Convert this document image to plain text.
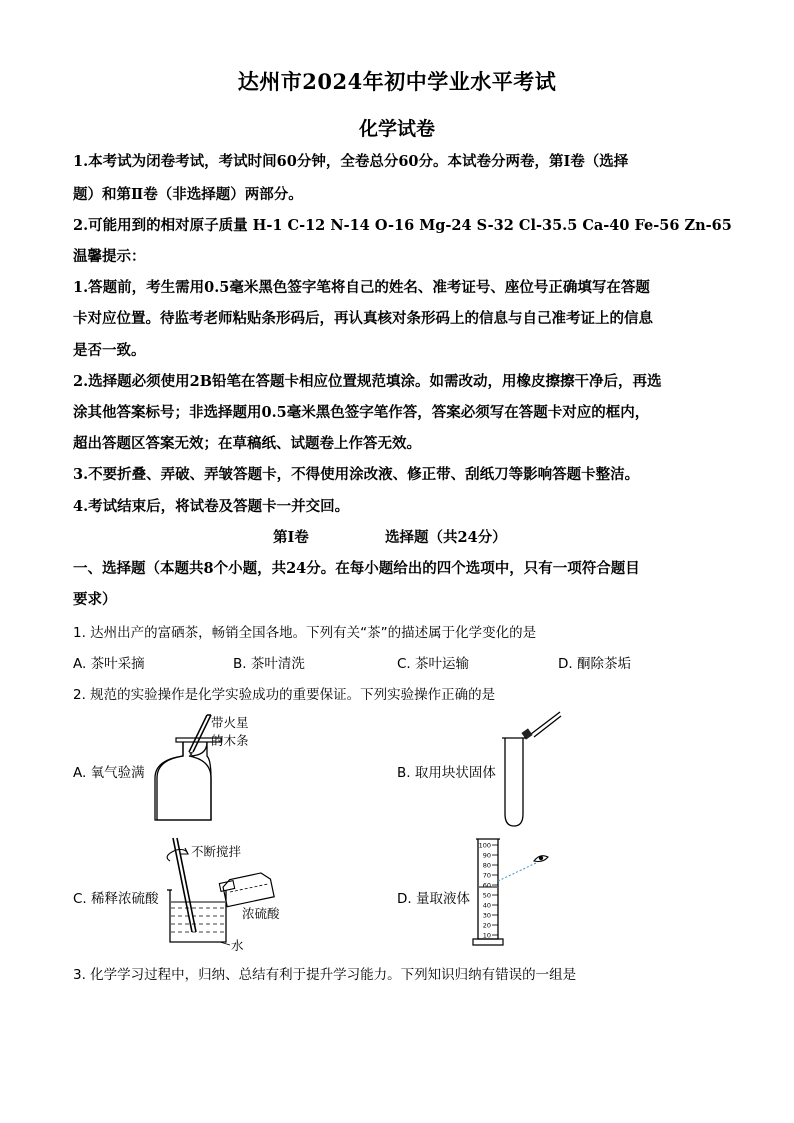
达州市2024年初中学业水平考试
化学试卷
1.本考试为闭卷考试，考试时间60分钟，全卷总分60分。本试卷分两卷，第Ⅰ卷（选择
题）和第Ⅱ卷（非选择题）两部分。
2.可能用到的相对原子质量 H-1 C-12 N-14 O-16 Mg-24 S-32 Cl-35.5 Ca-40 Fe-56 Zn-65
温馨提示：
1.答题前，考生需用0.5毫米黑色签字笔将自己的姓名、准考证号、座位号正确填写在答题
卡对应位置。待监考老师粘贴条形码后，再认真核对条形码上的信息与自己准考证上的信息
是否一致。
2.选择题必须使用2B铅笔在答题卡相应位置规范填涂。如需改动，用橡皮擦擦干净后，再选
涂其他答案标号；非选择题用0.5毫米黑色签字笔作答，答案必须写在答题卡对应的框内，
超出答题区答案无效；在草稿纸、试题卷上作答无效。
3.不要折叠、弄破、弄皱答题卡，不得使用涂改液、修正带、刮纸刀等影响答题卡整洁。
4.考试结束后，将试卷及答题卡一并交回。
第Ⅰ卷	选择题（共24分）
一、选择题（本题共8个小题，共24分。在每小题给出的四个选项中，只有一项符合题目
要求）
1. 达州出产的富硒茶，畅销全国各地。下列有关“茶”的描述属于化学变化的是
A. 茶叶采摘	B. 茶叶清洗	C. 茶叶运输	D. 酮除茶垢
2. 规范的实验操作是化学实验成功的重要保证。下列实验操作正确的是
A. 氧气验满	B. 取用块状固体
C. 稀释浓硫酸	D. 量取液体
带火星
的木条
不断搅拌
浓硫酸
水
100
90
80
70
60
50
40
30
20
10
3. 化学学习过程中，归纳、总结有利于提升学习能力。下列知识归纳有错误的一组是
